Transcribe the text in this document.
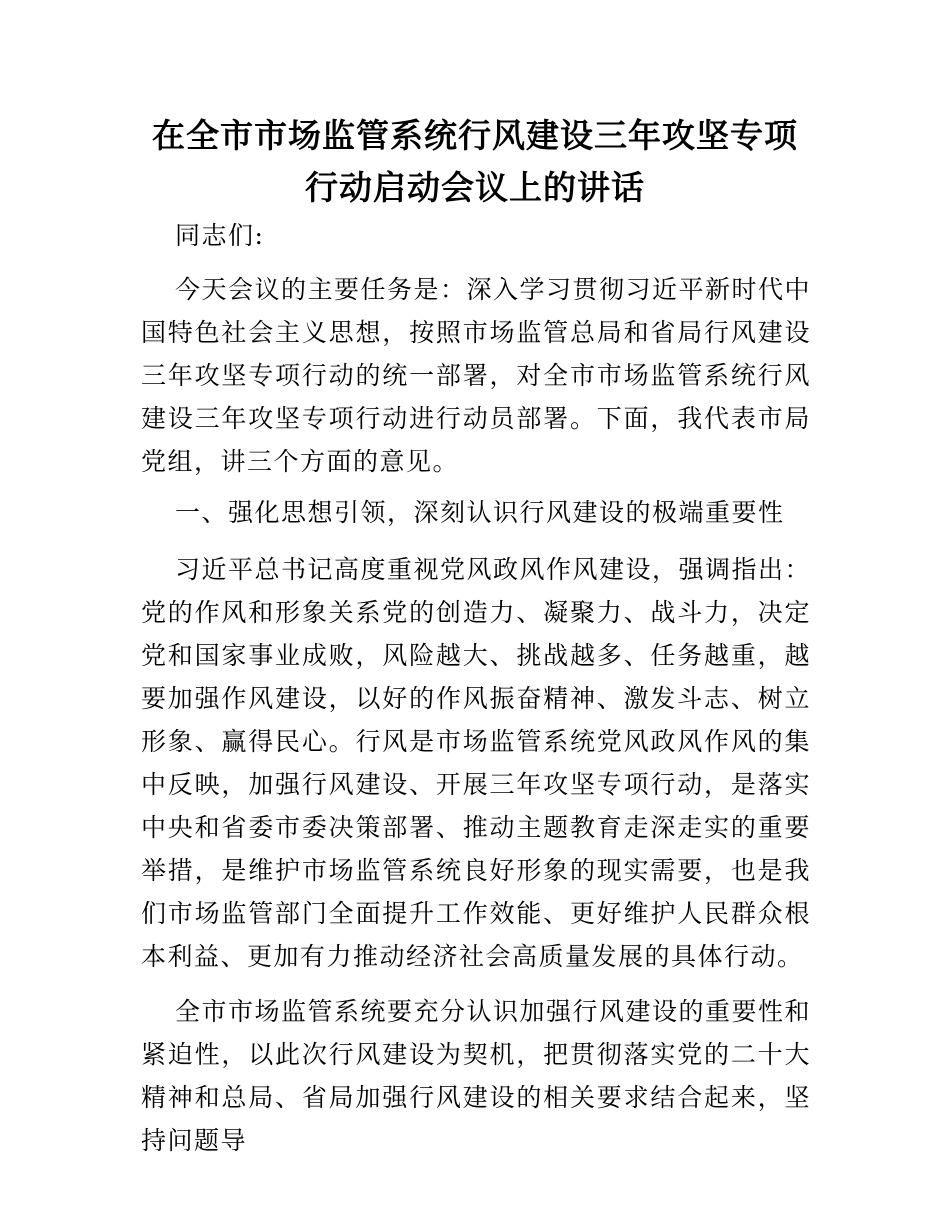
在全市市场监管系统行风建设三年攻坚专项行动启动会议上的讲话

同志们:

今天会议的主要任务是：深入学习贯彻习近平新时代中国特色社会主义思想，按照市场监管总局和省局行风建设三年攻坚专项行动的统一部署，对全市市场监管系统行风建设三年攻坚专项行动进行动员部署。下面，我代表市局党组，讲三个方面的意见。

一、强化思想引领，深刻认识行风建设的极端重要性

习近平总书记高度重视党风政风作风建设，强调指出：党的作风和形象关系党的创造力、凝聚力、战斗力，决定党和国家事业成败，风险越大、挑战越多、任务越重，越要加强作风建设，以好的作风振奋精神、激发斗志、树立形象、赢得民心。行风是市场监管系统党风政风作风的集中反映，加强行风建设、开展三年攻坚专项行动，是落实中央和省委市委决策部署、推动主题教育走深走实的重要举措，是维护市场监管系统良好形象的现实需要，也是我们市场监管部门全面提升工作效能、更好维护人民群众根本利益、更加有力推动经济社会高质量发展的具体行动。

全市市场监管系统要充分认识加强行风建设的重要性和紧迫性，以此次行风建设为契机，把贯彻落实党的二十大精神和总局、省局加强行风建设的相关要求结合起来，坚持问题导
